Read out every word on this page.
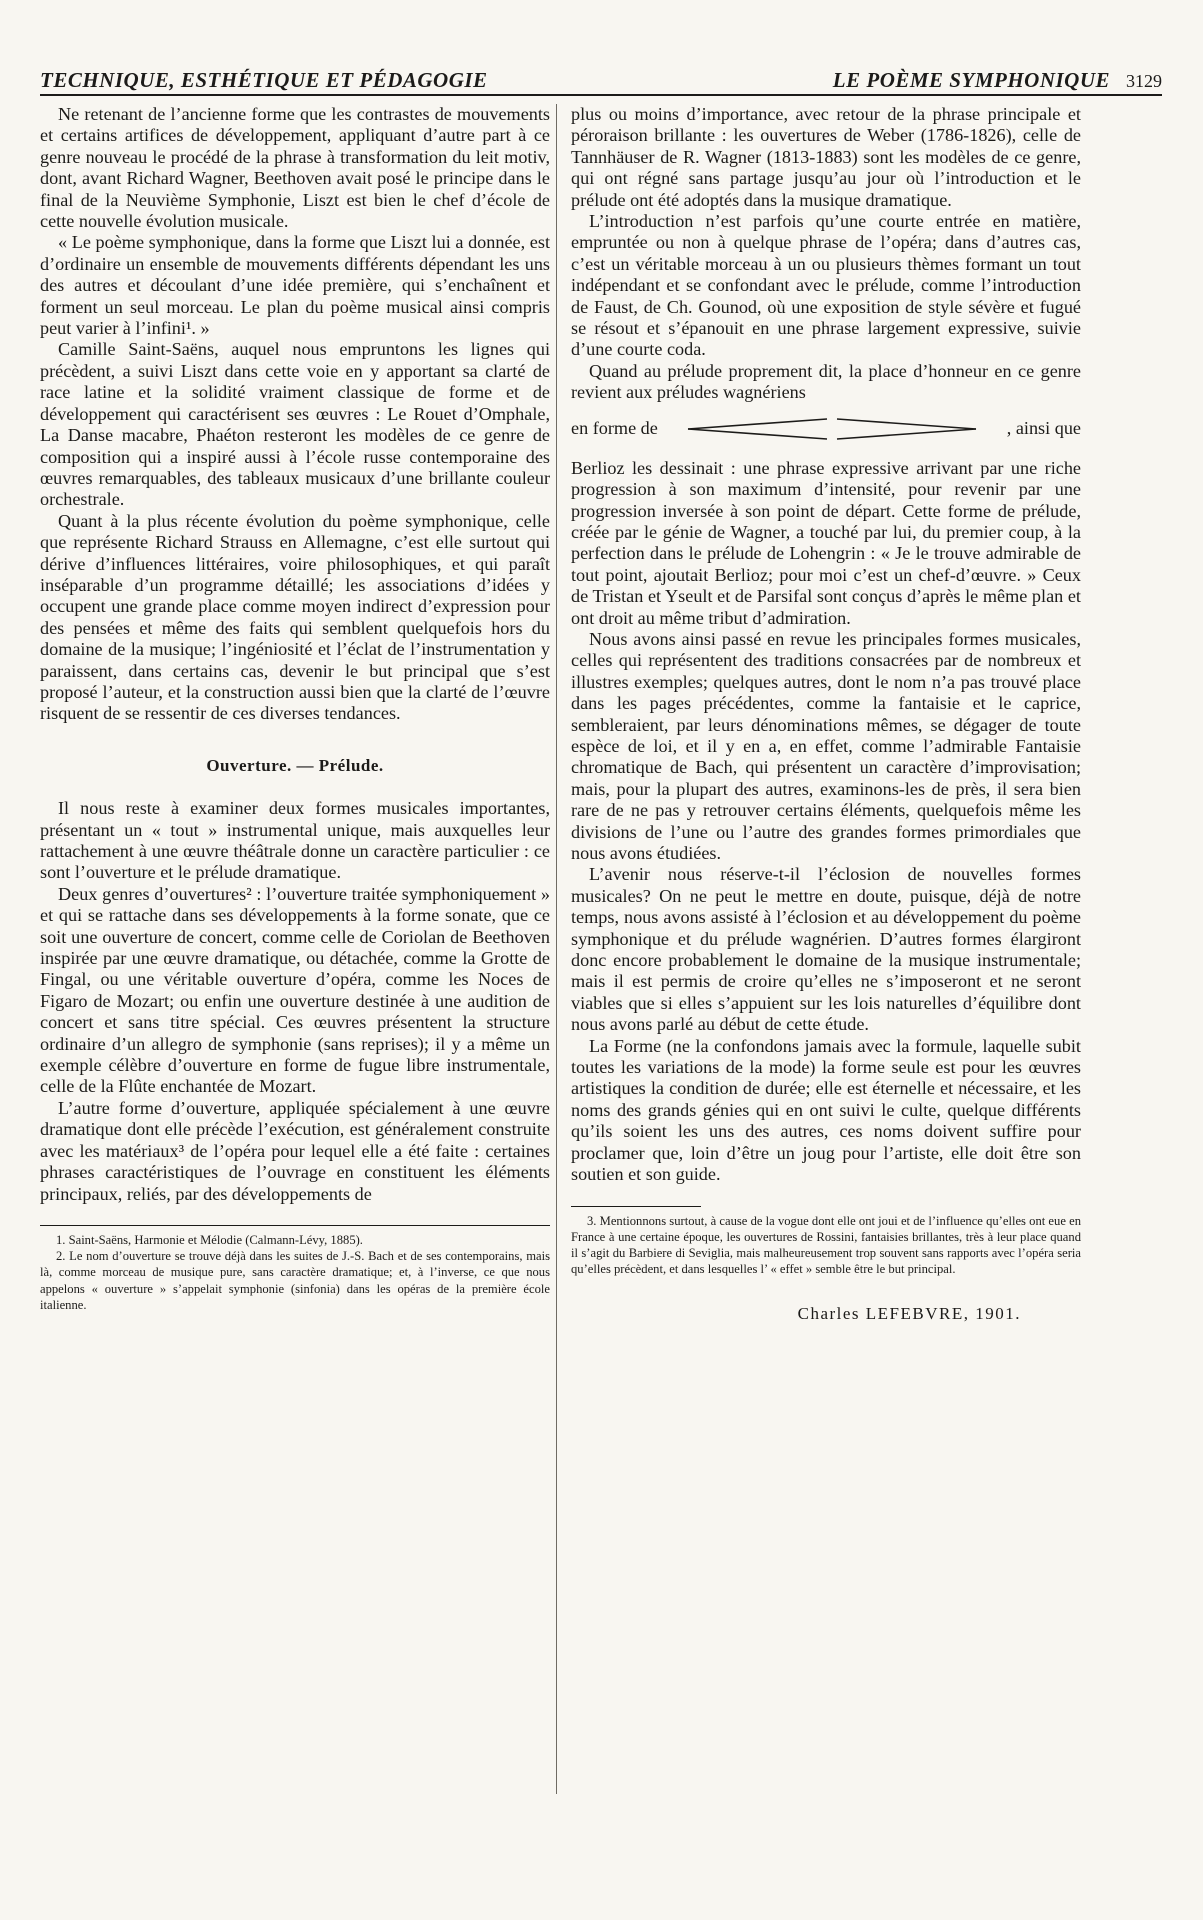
TECHNIQUE, ESTHÉTIQUE ET PÉDAGOGIE	LE POÈME SYMPHONIQUE 3129

Ne retenant de l’ancienne forme que les contrastes de mouvements et certains artifices de développement, appliquant d’autre part à ce genre nouveau le procédé de la phrase à transformation du leit motiv, dont, avant Richard Wagner, Beethoven avait posé le principe dans le final de la Neuvième Symphonie, Liszt est bien le chef d’école de cette nouvelle évolution musicale.

« Le poème symphonique, dans la forme que Liszt lui a donnée, est d’ordinaire un ensemble de mouvements différents dépendant les uns des autres et découlant d’une idée première, qui s’enchaînent et forment un seul morceau. Le plan du poème musical ainsi compris peut varier à l’infini¹. »

Camille Saint-Saëns, auquel nous empruntons les lignes qui précèdent, a suivi Liszt dans cette voie en y apportant sa clarté de race latine et la solidité vraiment classique de forme et de développement qui caractérisent ses œuvres : Le Rouet d’Omphale, La Danse macabre, Phaéton resteront les modèles de ce genre de composition qui a inspiré aussi à l’école russe contemporaine des œuvres remarquables, des tableaux musicaux d’une brillante couleur orchestrale.

Quant à la plus récente évolution du poème symphonique, celle que représente Richard Strauss en Allemagne, c’est elle surtout qui dérive d’influences littéraires, voire philosophiques, et qui paraît inséparable d’un programme détaillé; les associations d’idées y occupent une grande place comme moyen indirect d’expression pour des pensées et même des faits qui semblent quelquefois hors du domaine de la musique; l’ingéniosité et l’éclat de l’instrumentation y paraissent, dans certains cas, devenir le but principal que s’est proposé l’auteur, et la construction aussi bien que la clarté de l’œuvre risquent de se ressentir de ces diverses tendances.

Ouverture. — Prélude.

Il nous reste à examiner deux formes musicales importantes, présentant un « tout » instrumental unique, mais auxquelles leur rattachement à une œuvre théâtrale donne un caractère particulier : ce sont l’ouverture et le prélude dramatique.

Deux genres d’ouvertures² : l’ouverture traitée symphoniquement » et qui se rattache dans ses développements à la forme sonate, que ce soit une ouverture de concert, comme celle de Coriolan de Beethoven inspirée par une œuvre dramatique, ou détachée, comme la Grotte de Fingal, ou une véritable ouverture d’opéra, comme les Noces de Figaro de Mozart; ou enfin une ouverture destinée à une audition de concert et sans titre spécial. Ces œuvres présentent la structure ordinaire d’un allegro de symphonie (sans reprises); il y a même un exemple célèbre d’ouverture en forme de fugue libre instrumentale, celle de la Flûte enchantée de Mozart.

L’autre forme d’ouverture, appliquée spécialement à une œuvre dramatique dont elle précède l’exécution, est généralement construite avec les matériaux³ de l’opéra pour lequel elle a été faite : certaines phrases caractéristiques de l’ouvrage en constituent les éléments principaux, reliés, par des développements de

1. Saint-Saëns, Harmonie et Mélodie (Calmann-Lévy, 1885).

2. Le nom d’ouverture se trouve déjà dans les suites de J.-S. Bach et de ses contemporains, mais là, comme morceau de musique pure, sans caractère dramatique; et, à l’inverse, ce que nous appelons « ouverture » s’appelait symphonie (sinfonia) dans les opéras de la première école italienne.

plus ou moins d’importance, avec retour de la phrase principale et péroraison brillante : les ouvertures de Weber (1786-1826), celle de Tannhäuser de R. Wagner (1813-1883) sont les modèles de ce genre, qui ont régné sans partage jusqu’au jour où l’introduction et le prélude ont été adoptés dans la musique dramatique.

L’introduction n’est parfois qu’une courte entrée en matière, empruntée ou non à quelque phrase de l’opéra; dans d’autres cas, c’est un véritable morceau à un ou plusieurs thèmes formant un tout indépendant et se confondant avec le prélude, comme l’introduction de Faust, de Ch. Gounod, où une exposition de style sévère et fugué se résout et s’épanouit en une phrase largement expressive, suivie d’une courte coda.

Quand au prélude proprement dit, la place d’honneur en ce genre revient aux préludes wagnériens

en forme de	, ainsi que

Berlioz les dessinait : une phrase expressive arrivant par une riche progression à son maximum d’intensité, pour revenir par une progression inversée à son point de départ. Cette forme de prélude, créée par le génie de Wagner, a touché par lui, du premier coup, à la perfection dans le prélude de Lohengrin : « Je le trouve admirable de tout point, ajoutait Berlioz; pour moi c’est un chef-d’œuvre. » Ceux de Tristan et Yseult et de Parsifal sont conçus d’après le même plan et ont droit au même tribut d’admiration.

Nous avons ainsi passé en revue les principales formes musicales, celles qui représentent des traditions consacrées par de nombreux et illustres exemples; quelques autres, dont le nom n’a pas trouvé place dans les pages précédentes, comme la fantaisie et le caprice, sembleraient, par leurs dénominations mêmes, se dégager de toute espèce de loi, et il y en a, en effet, comme l’admirable Fantaisie chromatique de Bach, qui présentent un caractère d’improvisation; mais, pour la plupart des autres, examinons-les de près, il sera bien rare de ne pas y retrouver certains éléments, quelquefois même les divisions de l’une ou l’autre des grandes formes primordiales que nous avons étudiées.

L’avenir nous réserve-t-il l’éclosion de nouvelles formes musicales? On ne peut le mettre en doute, puisque, déjà de notre temps, nous avons assisté à l’éclosion et au développement du poème symphonique et du prélude wagnérien. D’autres formes élargiront donc encore probablement le domaine de la musique instrumentale; mais il est permis de croire qu’elles ne s’imposeront et ne seront viables que si elles s’appuient sur les lois naturelles d’équilibre dont nous avons parlé au début de cette étude.

La Forme (ne la confondons jamais avec la formule, laquelle subit toutes les variations de la mode) la forme seule est pour les œuvres artistiques la condition de durée; elle est éternelle et nécessaire, et les noms des grands génies qui en ont suivi le culte, quelque différents qu’ils soient les uns des autres, ces noms doivent suffire pour proclamer que, loin d’être un joug pour l’artiste, elle doit être son soutien et son guide.

3. Mentionnons surtout, à cause de la vogue dont elle ont joui et de l’influence qu’elles ont eue en France à une certaine époque, les ouvertures de Rossini, fantaisies brillantes, très à leur place quand il s’agit du Barbiere di Seviglia, mais malheureusement trop souvent sans rapports avec l’opéra seria qu’elles précèdent, et dans lesquelles l’ « effet » semble être le but principal.

Charles LEFEBVRE, 1901.
